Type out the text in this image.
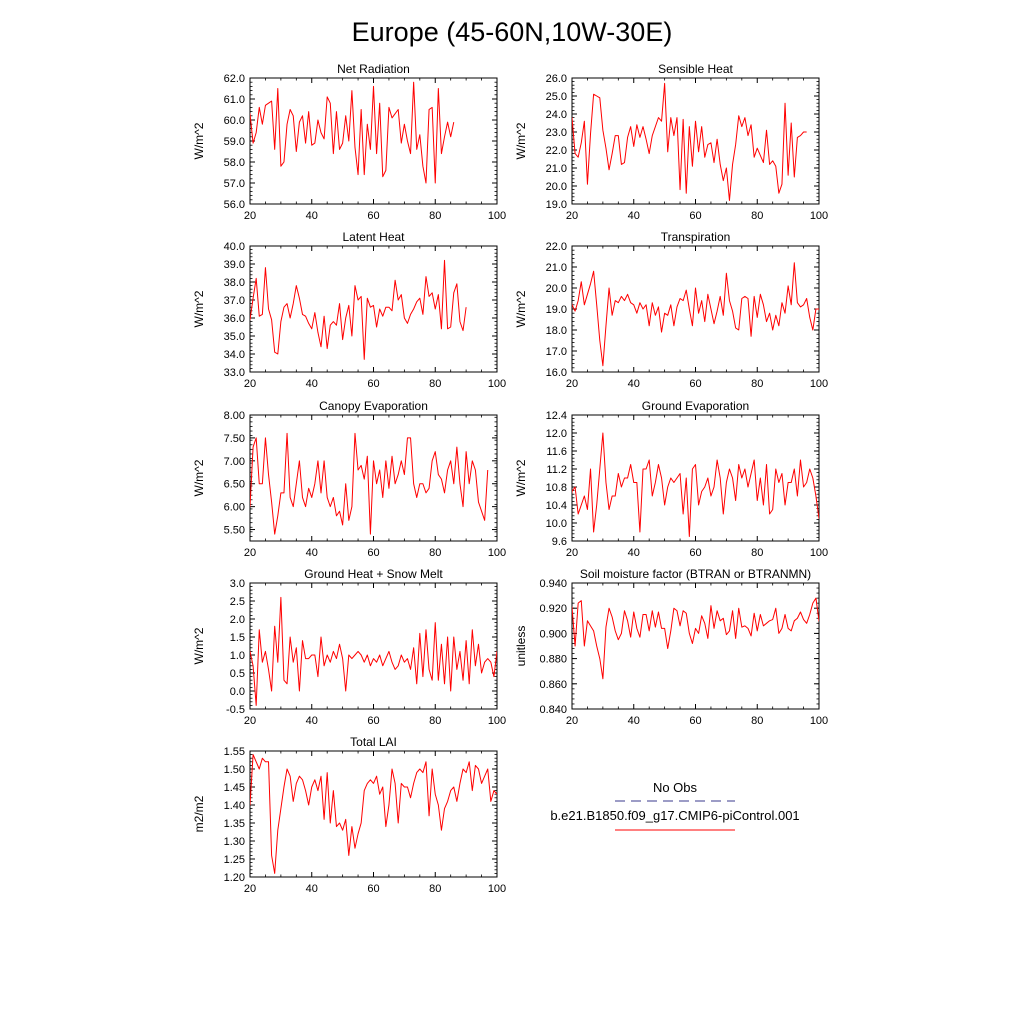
Europe (45-60N,10W-30E)
Net Radiation
W/m^2
20	40	60	80	100
56.0
57.0
58.0
59.0
60.0
61.0
62.0
Sensible Heat
W/m^2
20	40	60	80	100
19.0
20.0
21.0
22.0
23.0
24.0
25.0
26.0
Latent Heat
W/m^2
20	40	60	80	100
33.0
34.0
35.0
36.0
37.0
38.0
39.0
40.0
Transpiration
W/m^2
20	40	60	80	100
16.0
17.0
18.0
19.0
20.0
21.0
22.0
Canopy Evaporation
W/m^2
20	40	60	80	100
5.50
6.00
6.50
7.00
7.50
8.00
Ground Evaporation
W/m^2
20	40	60	80	100
9.6
10.0
10.4
10.8
11.2
11.6
12.0
12.4
Ground Heat + Snow Melt
W/m^2
20	40	60	80	100
-0.5
0.0
0.5
1.0
1.5
2.0
2.5
3.0
Soil moisture factor (BTRAN or BTRANMN)
unitless
20	40	60	80	100
0.840
0.860
0.880
0.900
0.920
0.940
Total LAI
m2/m2
20	40	60	80	100
1.20
1.25
1.30
1.35
1.40
1.45
1.50
1.55
No Obs
b.e21.B1850.f09_g17.CMIP6-piControl.001
